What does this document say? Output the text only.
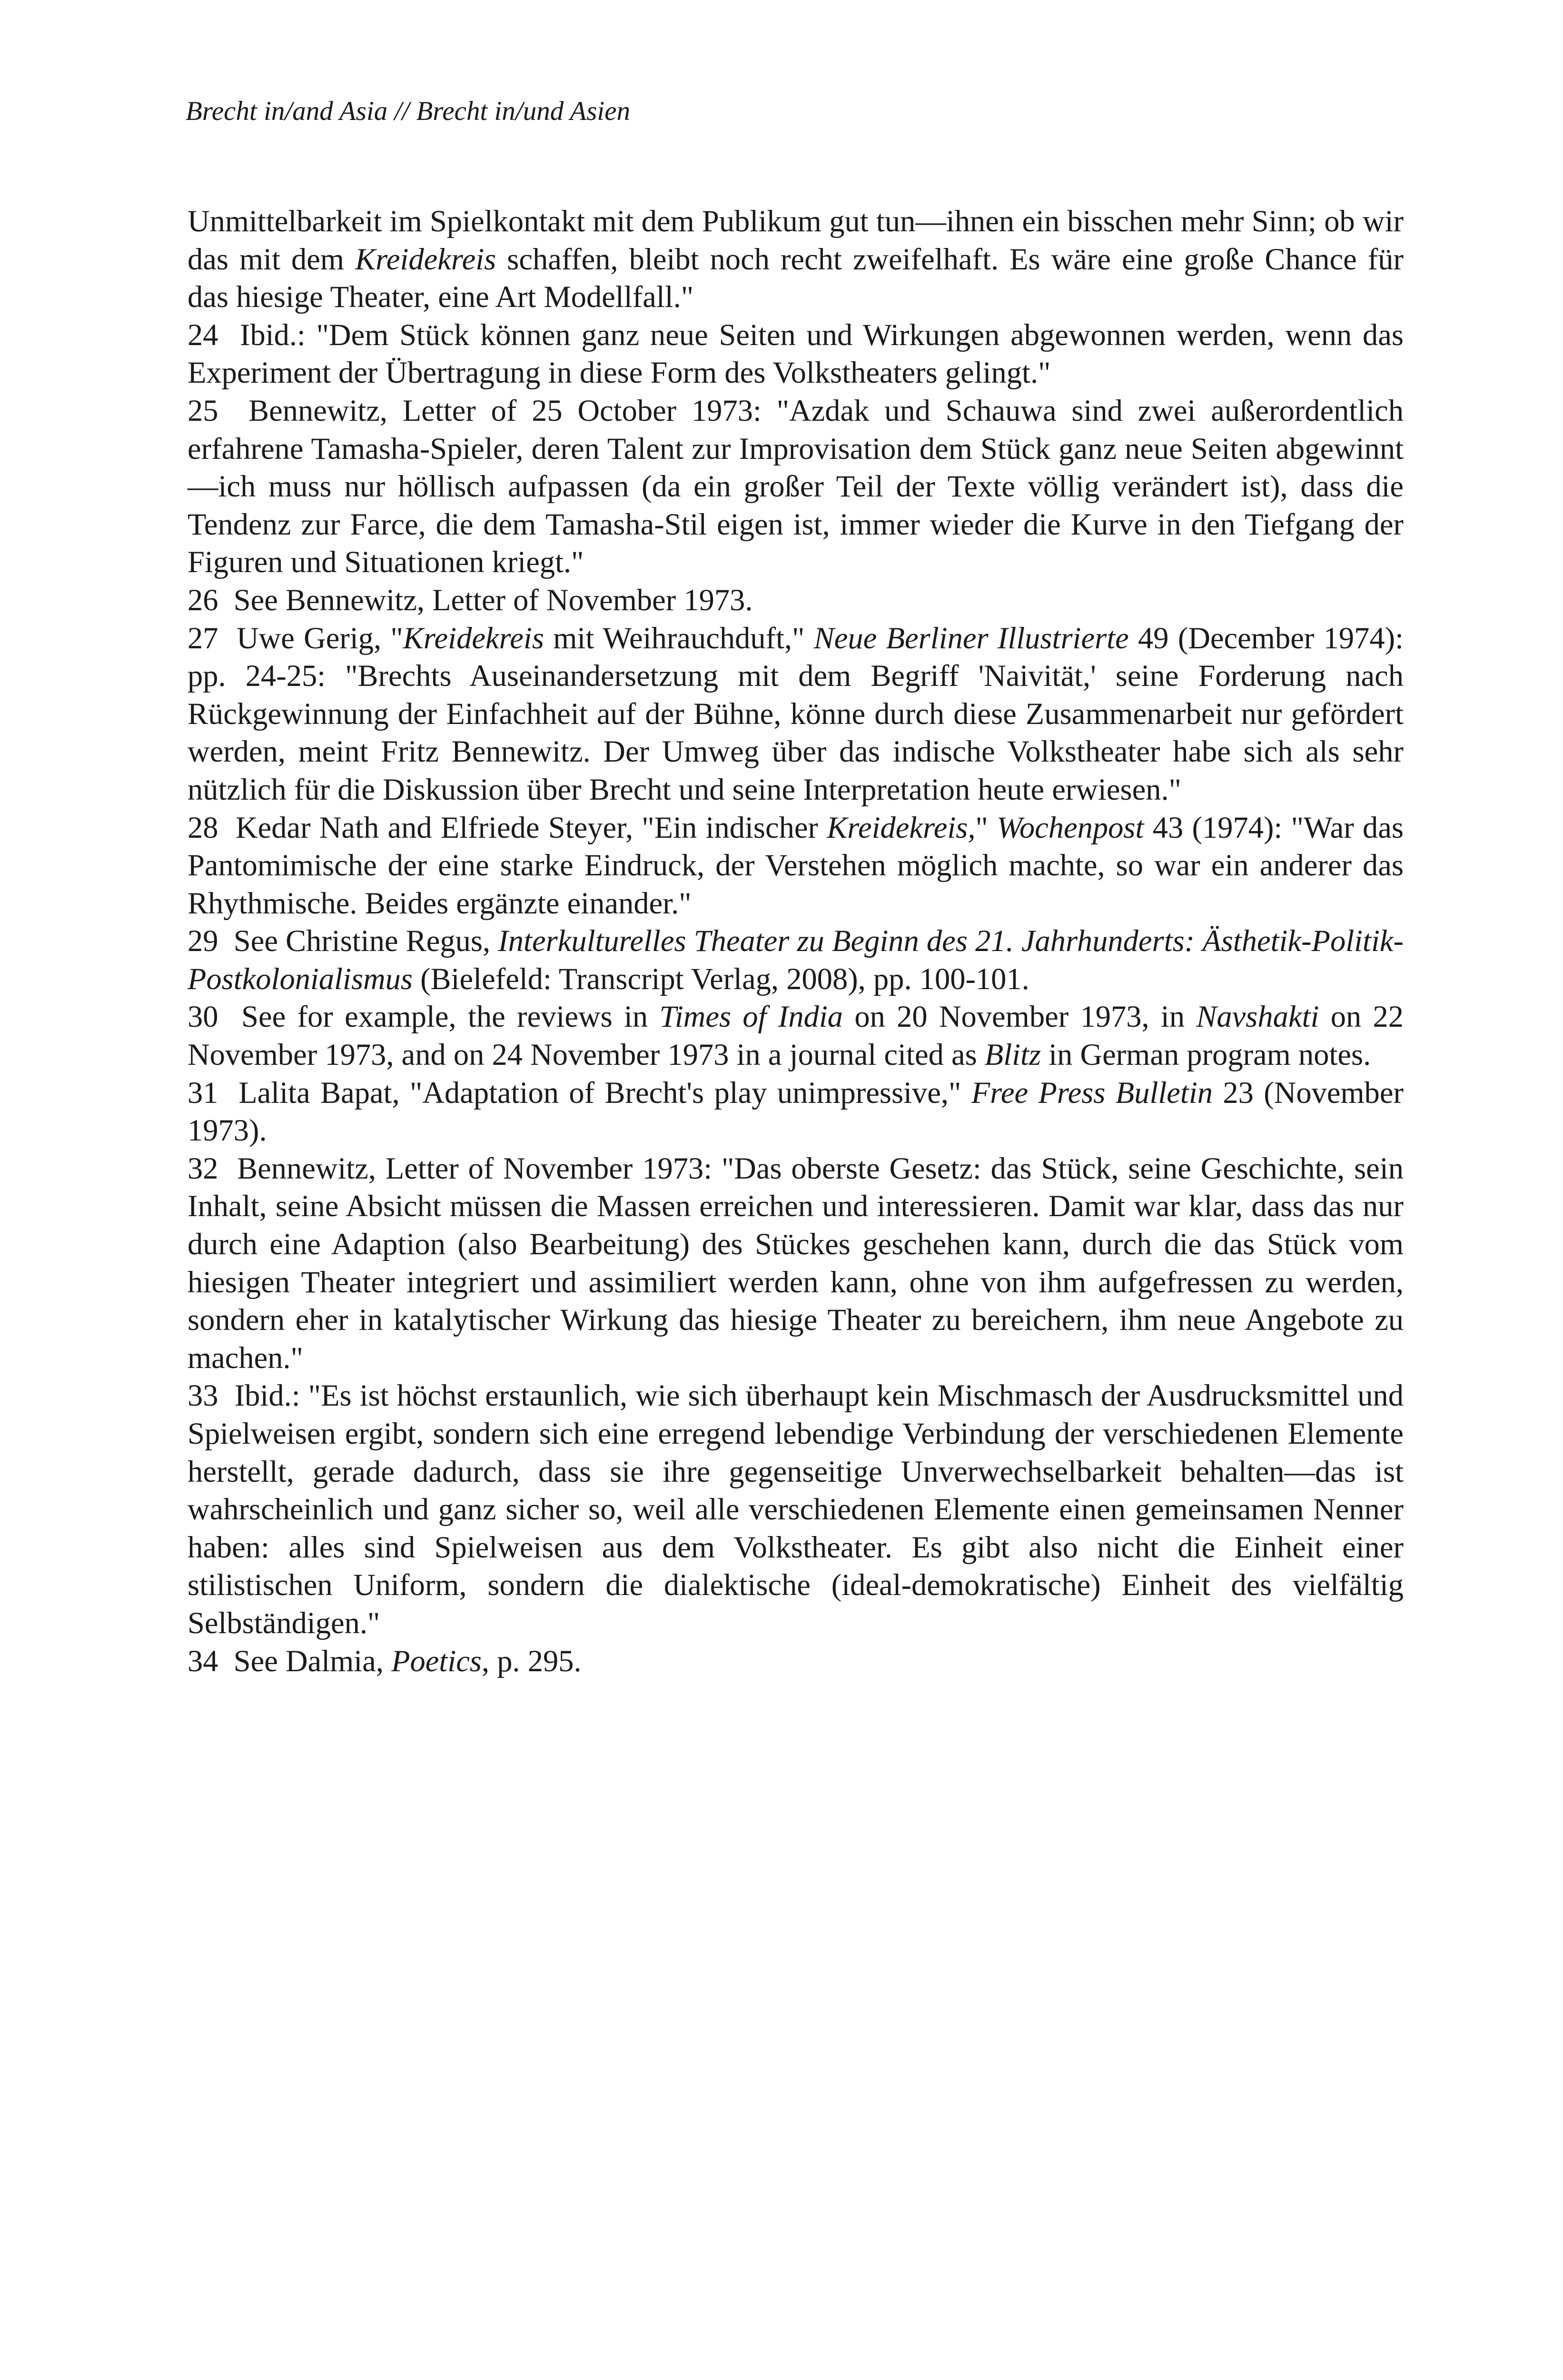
Brecht in/and Asia // Brecht in/und Asien

Unmittelbarkeit im Spielkontakt mit dem Publikum gut tun—ihnen ein bisschen mehr Sinn; ob wir das mit dem Kreidekreis schaffen, bleibt noch recht zweifelhaft. Es wäre eine große Chance für das hiesige Theater, eine Art Modellfall."

24 Ibid.: "Dem Stück können ganz neue Seiten und Wirkungen abgewonnen werden, wenn das Experiment der Übertragung in diese Form des Volkstheaters gelingt."

25 Bennewitz, Letter of 25 October 1973: "Azdak und Schauwa sind zwei außerordentlich erfahrene Tamasha-Spieler, deren Talent zur Improvisation dem Stück ganz neue Seiten abgewinnt—ich muss nur höllisch aufpassen (da ein großer Teil der Texte völlig verändert ist), dass die Tendenz zur Farce, die dem Tamasha-Stil eigen ist, immer wieder die Kurve in den Tiefgang der Figuren und Situationen kriegt."

26 See Bennewitz, Letter of November 1973.

27 Uwe Gerig, "Kreidekreis mit Weihrauchduft," Neue Berliner Illustrierte 49 (December 1974): pp. 24-25: "Brechts Auseinandersetzung mit dem Begriff 'Naivität,' seine Forderung nach Rückgewinnung der Einfachheit auf der Bühne, könne durch diese Zusammenarbeit nur gefördert werden, meint Fritz Bennewitz. Der Umweg über das indische Volkstheater habe sich als sehr nützlich für die Diskussion über Brecht und seine Interpretation heute erwiesen."

28 Kedar Nath and Elfriede Steyer, "Ein indischer Kreidekreis," Wochenpost 43 (1974): "War das Pantomimische der eine starke Eindruck, der Verstehen möglich machte, so war ein anderer das Rhythmische. Beides ergänzte einander."

29 See Christine Regus, Interkulturelles Theater zu Beginn des 21. Jahrhunderts: Ästhetik-Politik-Postkolonialismus (Bielefeld: Transcript Verlag, 2008), pp. 100-101.

30 See for example, the reviews in Times of India on 20 November 1973, in Navshakti on 22 November 1973, and on 24 November 1973 in a journal cited as Blitz in German program notes.

31 Lalita Bapat, "Adaptation of Brecht's play unimpressive," Free Press Bulletin 23 (November 1973).

32 Bennewitz, Letter of November 1973: "Das oberste Gesetz: das Stück, seine Geschichte, sein Inhalt, seine Absicht müssen die Massen erreichen und interessieren. Damit war klar, dass das nur durch eine Adaption (also Bearbeitung) des Stückes geschehen kann, durch die das Stück vom hiesigen Theater integriert und assimiliert werden kann, ohne von ihm aufgefressen zu werden, sondern eher in katalytischer Wirkung das hiesige Theater zu bereichern, ihm neue Angebote zu machen."

33 Ibid.: "Es ist höchst erstaunlich, wie sich überhaupt kein Mischmasch der Ausdrucksmittel und Spielweisen ergibt, sondern sich eine erregend lebendige Verbindung der verschiedenen Elemente herstellt, gerade dadurch, dass sie ihre gegenseitige Unverwechselbarkeit behalten—das ist wahrscheinlich und ganz sicher so, weil alle verschiedenen Elemente einen gemeinsamen Nenner haben: alles sind Spielweisen aus dem Volkstheater. Es gibt also nicht die Einheit einer stilistischen Uniform, sondern die dialektische (ideal-demokratische) Einheit des vielfältig Selbständigen."

34 See Dalmia, Poetics, p. 295.
